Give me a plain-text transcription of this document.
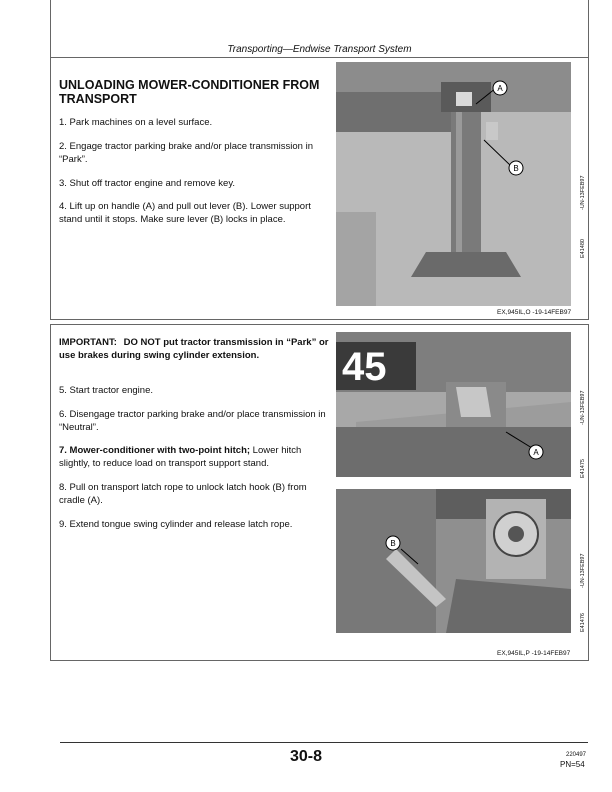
Transporting—Endwise Transport System
UNLOADING MOWER-CONDITIONER FROM TRANSPORT
1. Park machines on a level surface.
2. Engage tractor parking brake and/or place transmission in “Park”.
3. Shut off tractor engine and remove key.
4. Lift up on handle (A) and pull out lever (B). Lower support stand until it stops. Make sure lever (B) locks in place.
A
B
-UN-13FEB97
E41480
EX,945IL,O -19-14FEB97
IMPORTANT: DO NOT put tractor transmission in “Park” or use brakes during swing cylinder extension.
5. Start tractor engine.
6. Disengage tractor parking brake and/or place transmission in “Neutral”.
7. Mower-conditioner with two-point hitch; Lower hitch slightly, to reduce load on transport support stand.
8. Pull on transport latch rope to unlock latch hook (B) from cradle (A).
9. Extend tongue swing cylinder and release latch rope.
45
A
-UN-13FEB97
E41475
B
-UN-13FEB97
E41476
EX,945IL,P -19-14FEB97
30-8	220497
PN=54
